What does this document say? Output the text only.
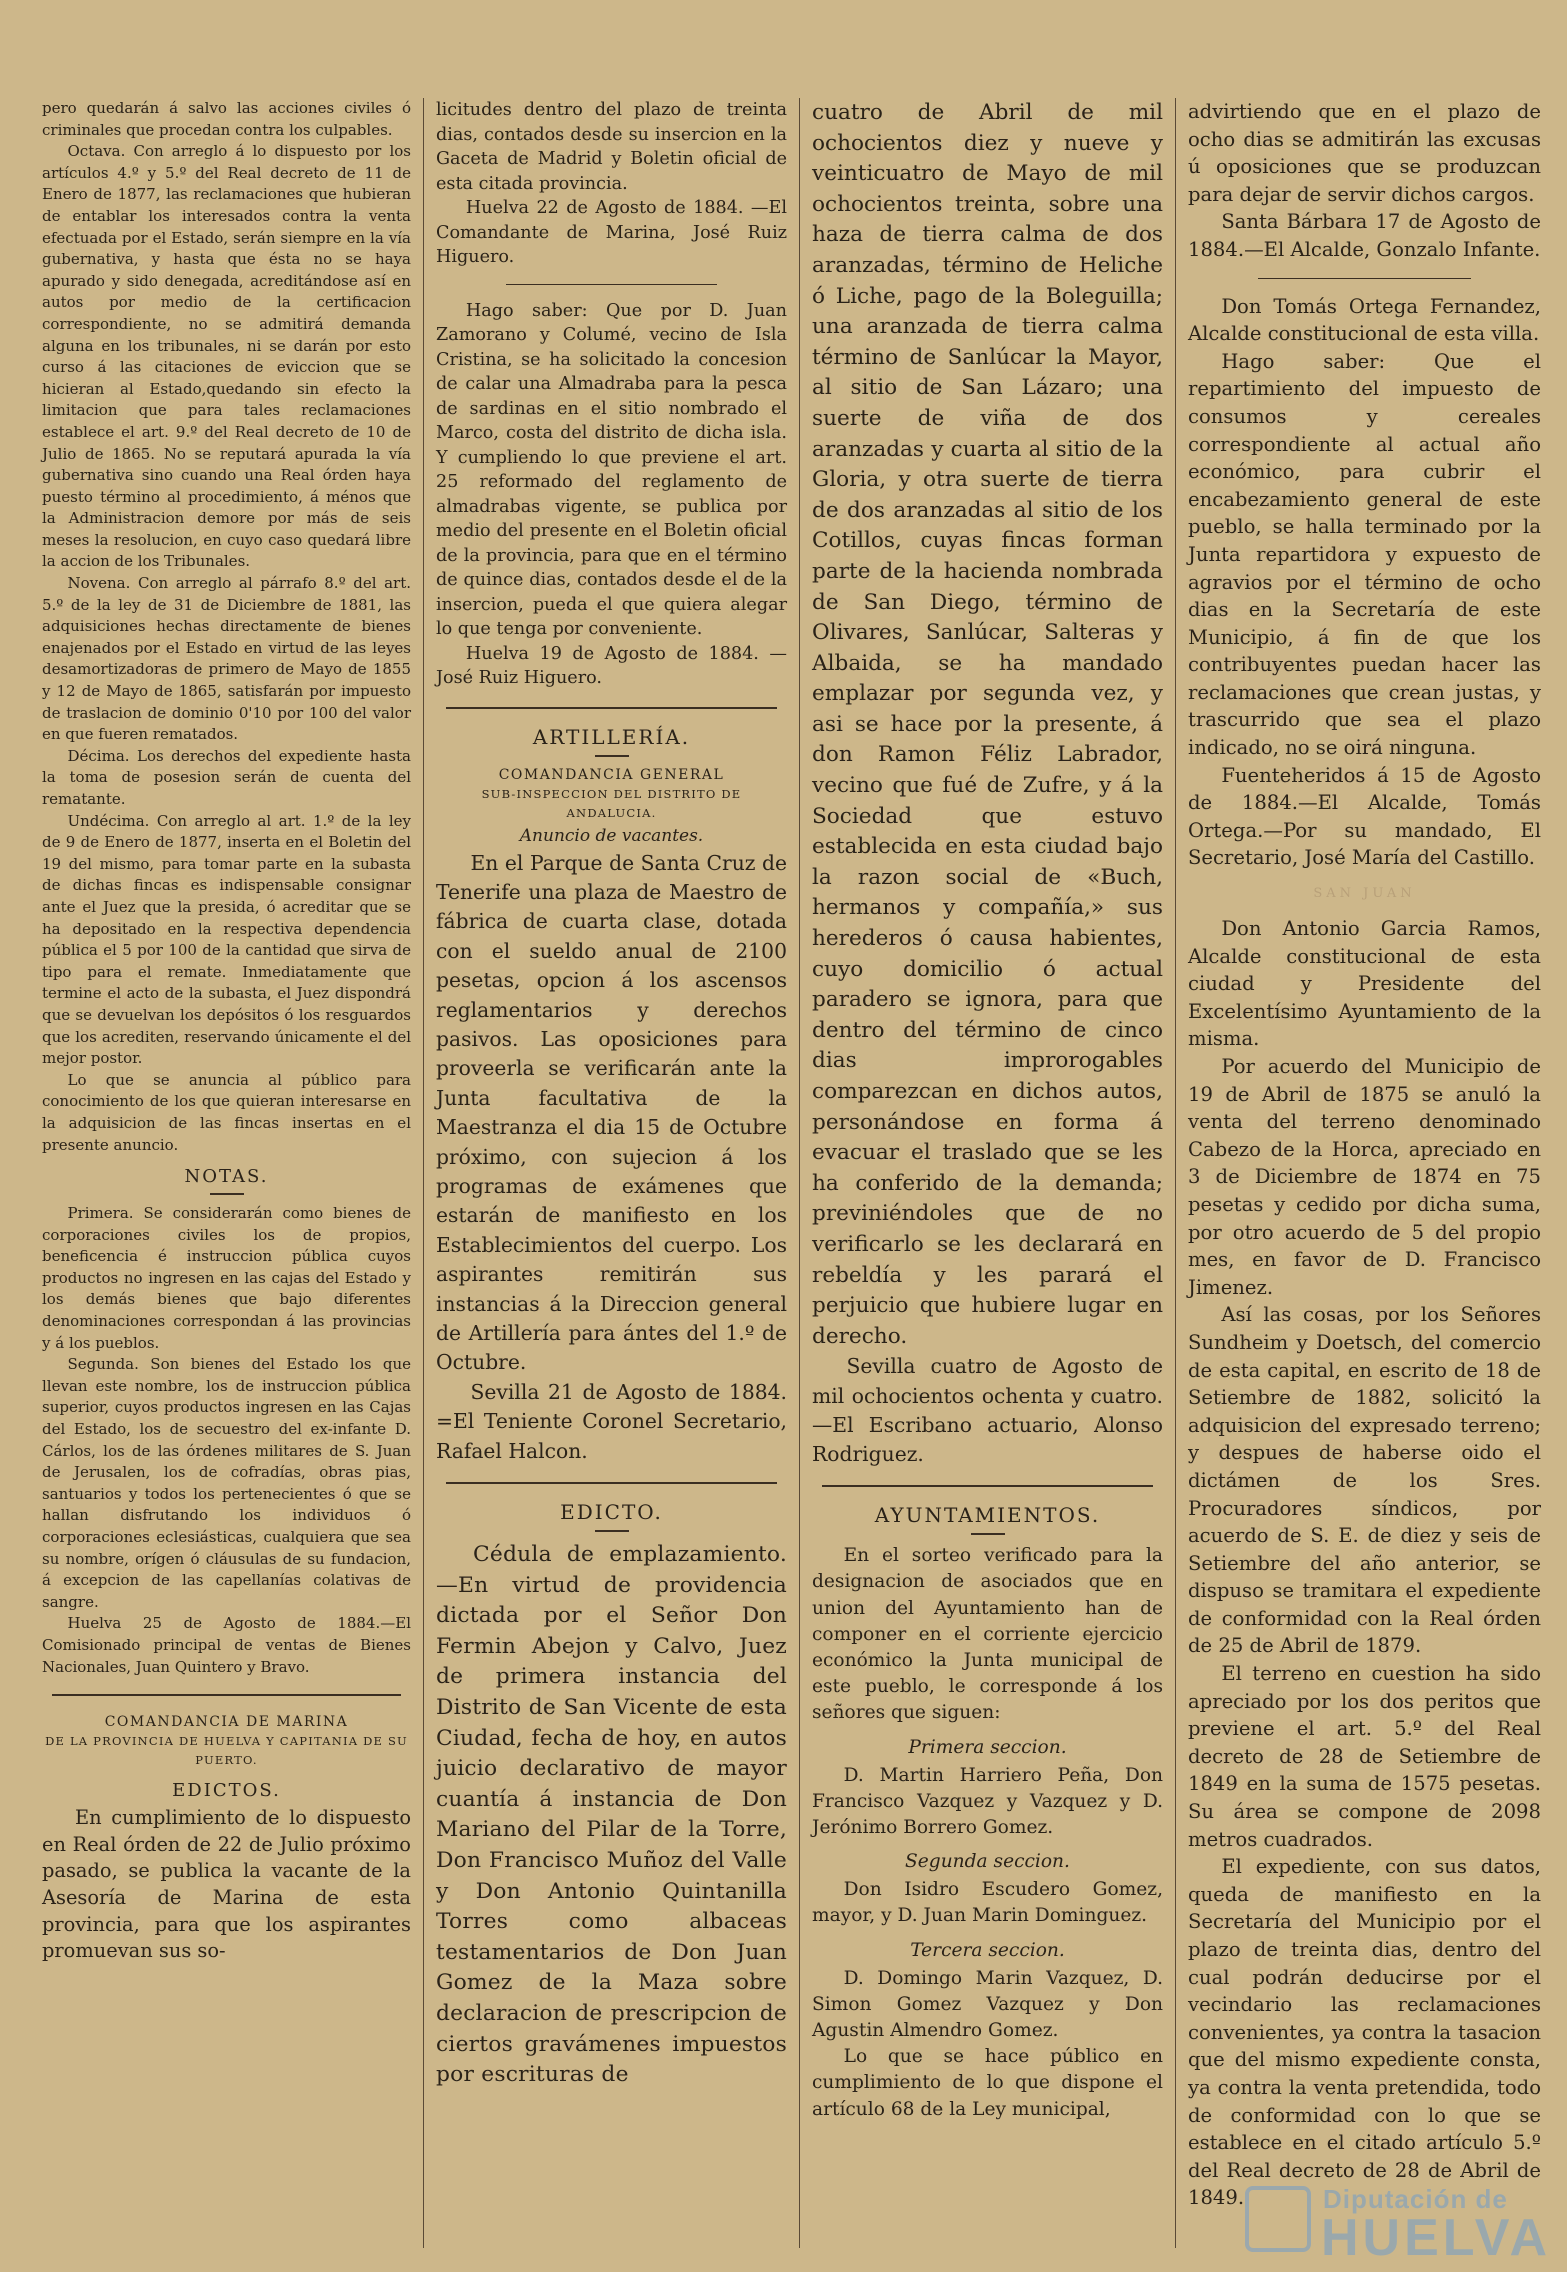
pero quedarán á salvo las acciones civiles ó criminales que procedan contra los culpables.

Octava. Con arreglo á lo dispuesto por los artículos 4.º y 5.º del Real decreto de 11 de Enero de 1877, las reclamaciones que hubieran de entablar los interesados contra la venta efectuada por el Estado, serán siempre en la vía gubernativa, y hasta que ésta no se haya apurado y sido denegada, acreditándose así en autos por medio de la certificacion correspondiente, no se admitirá demanda alguna en los tribunales, ni se darán por esto curso á las citaciones de eviccion que se hicieran al Estado,quedando sin efecto la limitacion que para tales reclamaciones establece el art. 9.º del Real decreto de 10 de Julio de 1865. No se reputará apurada la vía gubernativa sino cuando una Real órden haya puesto término al procedimiento, á ménos que la Administracion demore por más de seis meses la resolucion, en cuyo caso quedará libre la accion de los Tribunales.

Novena. Con arreglo al párrafo 8.º del art. 5.º de la ley de 31 de Diciembre de 1881, las adquisiciones hechas directamente de bienes enajenados por el Estado en virtud de las leyes desamortizadoras de primero de Mayo de 1855 y 12 de Mayo de 1865, satisfarán por impuesto de traslacion de dominio 0'10 por 100 del valor en que fueren rematados.

Décima. Los derechos del expediente hasta la toma de posesion serán de cuenta del rematante.

Undécima. Con arreglo al art. 1.º de la ley de 9 de Enero de 1877, inserta en el Boletin del 19 del mismo, para tomar parte en la subasta de dichas fincas es indispensable consignar ante el Juez que la presida, ó acreditar que se ha depositado en la respectiva dependencia pública el 5 por 100 de la cantidad que sirva de tipo para el remate. Inmediatamente que termine el acto de la subasta, el Juez dispondrá que se devuelvan los depósitos ó los resguardos que los acrediten, reservando únicamente el del mejor postor.

Lo que se anuncia al público para conocimiento de los que quieran interesarse en la adquisicion de las fincas insertas en el presente anuncio.

NOTAS.

Primera. Se considerarán como bienes de corporaciones civiles los de propios, beneficencia é instruccion pública cuyos productos no ingresen en las cajas del Estado y los demás bienes que bajo diferentes denominaciones correspondan á las provincias y á los pueblos.

Segunda. Son bienes del Estado los que llevan este nombre, los de instruccion pública superior, cuyos productos ingresen en las Cajas del Estado, los de secuestro del ex-infante D. Cárlos, los de las órdenes militares de S. Juan de Jerusalen, los de cofradías, obras pias, santuarios y todos los pertenecientes ó que se hallan disfrutando los individuos ó corporaciones eclesiásticas, cualquiera que sea su nombre, orígen ó cláusulas de su fundacion, á excepcion de las capellanías colativas de sangre.

Huelva 25 de Agosto de 1884.—El Comisionado principal de ventas de Bienes Nacionales, Juan Quintero y Bravo.

COMANDANCIA DE MARINA
DE LA PROVINCIA DE HUELVA Y CAPITANIA DE SU PUERTO.
EDICTOS.

En cumplimiento de lo dispuesto en Real órden de 22 de Julio próximo pasado, se publica la vacante de la Asesoría de Marina de esta provincia, para que los aspirantes promuevan sus so-

licitudes dentro del plazo de treinta dias, contados desde su insercion en la Gaceta de Madrid y Boletin oficial de esta citada provincia.

Huelva 22 de Agosto de 1884. —El Comandante de Marina, José Ruiz Higuero.

Hago saber: Que por D. Juan Zamorano y Columé, vecino de Isla Cristina, se ha solicitado la concesion de calar una Almadraba para la pesca de sardinas en el sitio nombrado el Marco, costa del distrito de dicha isla. Y cumpliendo lo que previene el art. 25 reformado del reglamento de almadrabas vigente, se publica por medio del presente en el Boletin oficial de la provincia, para que en el término de quince dias, contados desde el de la insercion, pueda el que quiera alegar lo que tenga por conveniente.

Huelva 19 de Agosto de 1884. —José Ruiz Higuero.

ARTILLERÍA.
COMANDANCIA GENERAL
SUB-INSPECCION DEL DISTRITO DE ANDALUCIA.

Anuncio de vacantes.

En el Parque de Santa Cruz de Tenerife una plaza de Maestro de fábrica de cuarta clase, dotada con el sueldo anual de 2100 pesetas, opcion á los ascensos reglamentarios y derechos pasivos. Las oposiciones para proveerla se verificarán ante la Junta facultativa de la Maestranza el dia 15 de Octubre próximo, con sujecion á los programas de exámenes que estarán de manifiesto en los Establecimientos del cuerpo. Los aspirantes remitirán sus instancias á la Direccion general de Artillería para ántes del 1.º de Octubre.

Sevilla 21 de Agosto de 1884. =El Teniente Coronel Secretario, Rafael Halcon.

EDICTO.

Cédula de emplazamiento. —En virtud de providencia dictada por el Señor Don Fermin Abejon y Calvo, Juez de primera instancia del Distrito de San Vicente de esta Ciudad, fecha de hoy, en autos juicio declarativo de mayor cuantía á instancia de Don Mariano del Pilar de la Torre, Don Francisco Muñoz del Valle y Don Antonio Quintanilla Torres como albaceas testamentarios de Don Juan Gomez de la Maza sobre declaracion de prescripcion de ciertos gravámenes impuestos por escrituras de

cuatro de Abril de mil ochocientos diez y nueve y veinticuatro de Mayo de mil ochocientos treinta, sobre una haza de tierra calma de dos aranzadas, término de Heliche ó Liche, pago de la Boleguilla; una aranzada de tierra calma término de Sanlúcar la Mayor, al sitio de San Lázaro; una suerte de viña de dos aranzadas y cuarta al sitio de la Gloria, y otra suerte de tierra de dos aranzadas al sitio de los Cotillos, cuyas fincas forman parte de la hacienda nombrada de San Diego, término de Olivares, Sanlúcar, Salteras y Albaida, se ha mandado emplazar por segunda vez, y asi se hace por la presente, á don Ramon Féliz Labrador, vecino que fué de Zufre, y á la Sociedad que estuvo establecida en esta ciudad bajo la razon social de «Buch, hermanos y compañía,» sus herederos ó causa habientes, cuyo domicilio ó actual paradero se ignora, para que dentro del término de cinco dias improrogables comparezcan en dichos autos, personándose en forma á evacuar el traslado que se les ha conferido de la demanda; previniéndoles que de no verificarlo se les declarará en rebeldía y les parará el perjuicio que hubiere lugar en derecho.

Sevilla cuatro de Agosto de mil ochocientos ochenta y cuatro.—El Escribano actuario, Alonso Rodriguez.

AYUNTAMIENTOS.

En el sorteo verificado para la designacion de asociados que en union del Ayuntamiento han de componer en el corriente ejercicio económico la Junta municipal de este pueblo, le corresponde á los señores que siguen:

Primera seccion.

D. Martin Harriero Peña, Don Francisco Vazquez y Vazquez y D. Jerónimo Borrero Gomez.

Segunda seccion.

Don Isidro Escudero Gomez, mayor, y D. Juan Marin Dominguez.

Tercera seccion.

D. Domingo Marin Vazquez, D. Simon Gomez Vazquez y Don Agustin Almendro Gomez.

Lo que se hace público en cumplimiento de lo que dispone el artículo 68 de la Ley municipal,

advirtiendo que en el plazo de ocho dias se admitirán las excusas ú oposiciones que se produzcan para dejar de servir dichos cargos.

Santa Bárbara 17 de Agosto de 1884.—El Alcalde, Gonzalo Infante.

Don Tomás Ortega Fernandez, Alcalde constitucional de esta villa.

Hago saber: Que el repartimiento del impuesto de consumos y cereales correspondiente al actual año económico, para cubrir el encabezamiento general de este pueblo, se halla terminado por la Junta repartidora y expuesto de agravios por el término de ocho dias en la Secretaría de este Municipio, á fin de que los contribuyentes puedan hacer las reclamaciones que crean justas, y trascurrido que sea el plazo indicado, no se oirá ninguna.

Fuenteheridos á 15 de Agosto de 1884.—El Alcalde, Tomás Ortega.—Por su mandado, El Secretario, José María del Castillo.

SAN JUAN

Don Antonio Garcia Ramos, Alcalde constitucional de esta ciudad y Presidente del Excelentísimo Ayuntamiento de la misma.

Por acuerdo del Municipio de 19 de Abril de 1875 se anuló la venta del terreno denominado Cabezo de la Horca, apreciado en 3 de Diciembre de 1874 en 75 pesetas y cedido por dicha suma, por otro acuerdo de 5 del propio mes, en favor de D. Francisco Jimenez.

Así las cosas, por los Señores Sundheim y Doetsch, del comercio de esta capital, en escrito de 18 de Setiembre de 1882, solicitó la adquisicion del expresado terreno; y despues de haberse oido el dictámen de los Sres. Procuradores síndicos, por acuerdo de S. E. de diez y seis de Setiembre del año anterior, se dispuso se tramitara el expediente de conformidad con la Real órden de 25 de Abril de 1879.

El terreno en cuestion ha sido apreciado por los dos peritos que previene el art. 5.º del Real decreto de 28 de Setiembre de 1849 en la suma de 1575 pesetas. Su área se compone de 2098 metros cuadrados.

El expediente, con sus datos, queda de manifiesto en la Secretaría del Municipio por el plazo de treinta dias, dentro del cual podrán deducirse por el vecindario las reclamaciones convenientes, ya contra la tasacion que del mismo expediente consta, ya contra la venta pretendida, todo de conformidad con lo que se establece en el citado artículo 5.º del Real decreto de 28 de Abril de 1849.	Diputación de
HUELVA
